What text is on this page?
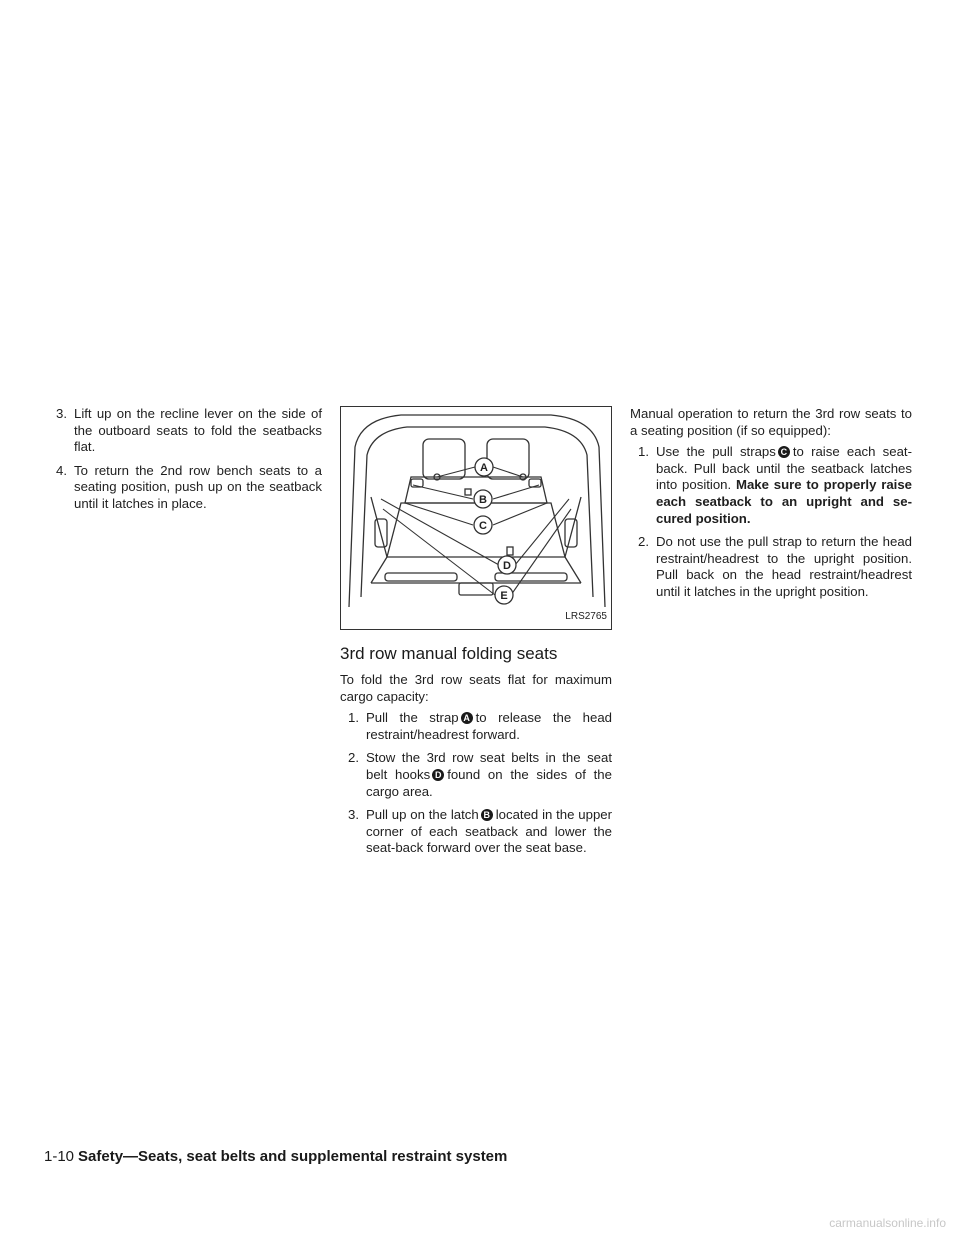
3. Lift up on the recline lever on the side of the outboard seats to fold the seatbacks flat.
4. To return the 2nd row bench seats to a seating position, push up on the seatback until it latches in place.
A
B
C
D
E
LRS2765
3rd row manual folding seats

To fold the 3rd row seats flat for maximum cargo capacity:

1. Pull the strap A to release the head restraint/headrest forward.
2. Stow the 3rd row seat belts in the seat belt hooks D found on the sides of the cargo area.
3. Pull up on the latch B located in the upper corner of each seatback and lower the seat-back forward over the seat base.

Manual operation to return the 3rd row seats to a seating position (if so equipped):

1. Use the pull straps C to raise each seat-back. Pull back until the seatback latches into position. Make sure to properly raise each seatback to an upright and se-cured position.
2. Do not use the pull strap to return the head restraint/headrest to the upright position. Pull back on the head restraint/headrest until it latches in the upright position.
1-10 Safety—Seats, seat belts and supplemental restraint system
carmanualsonline.info
